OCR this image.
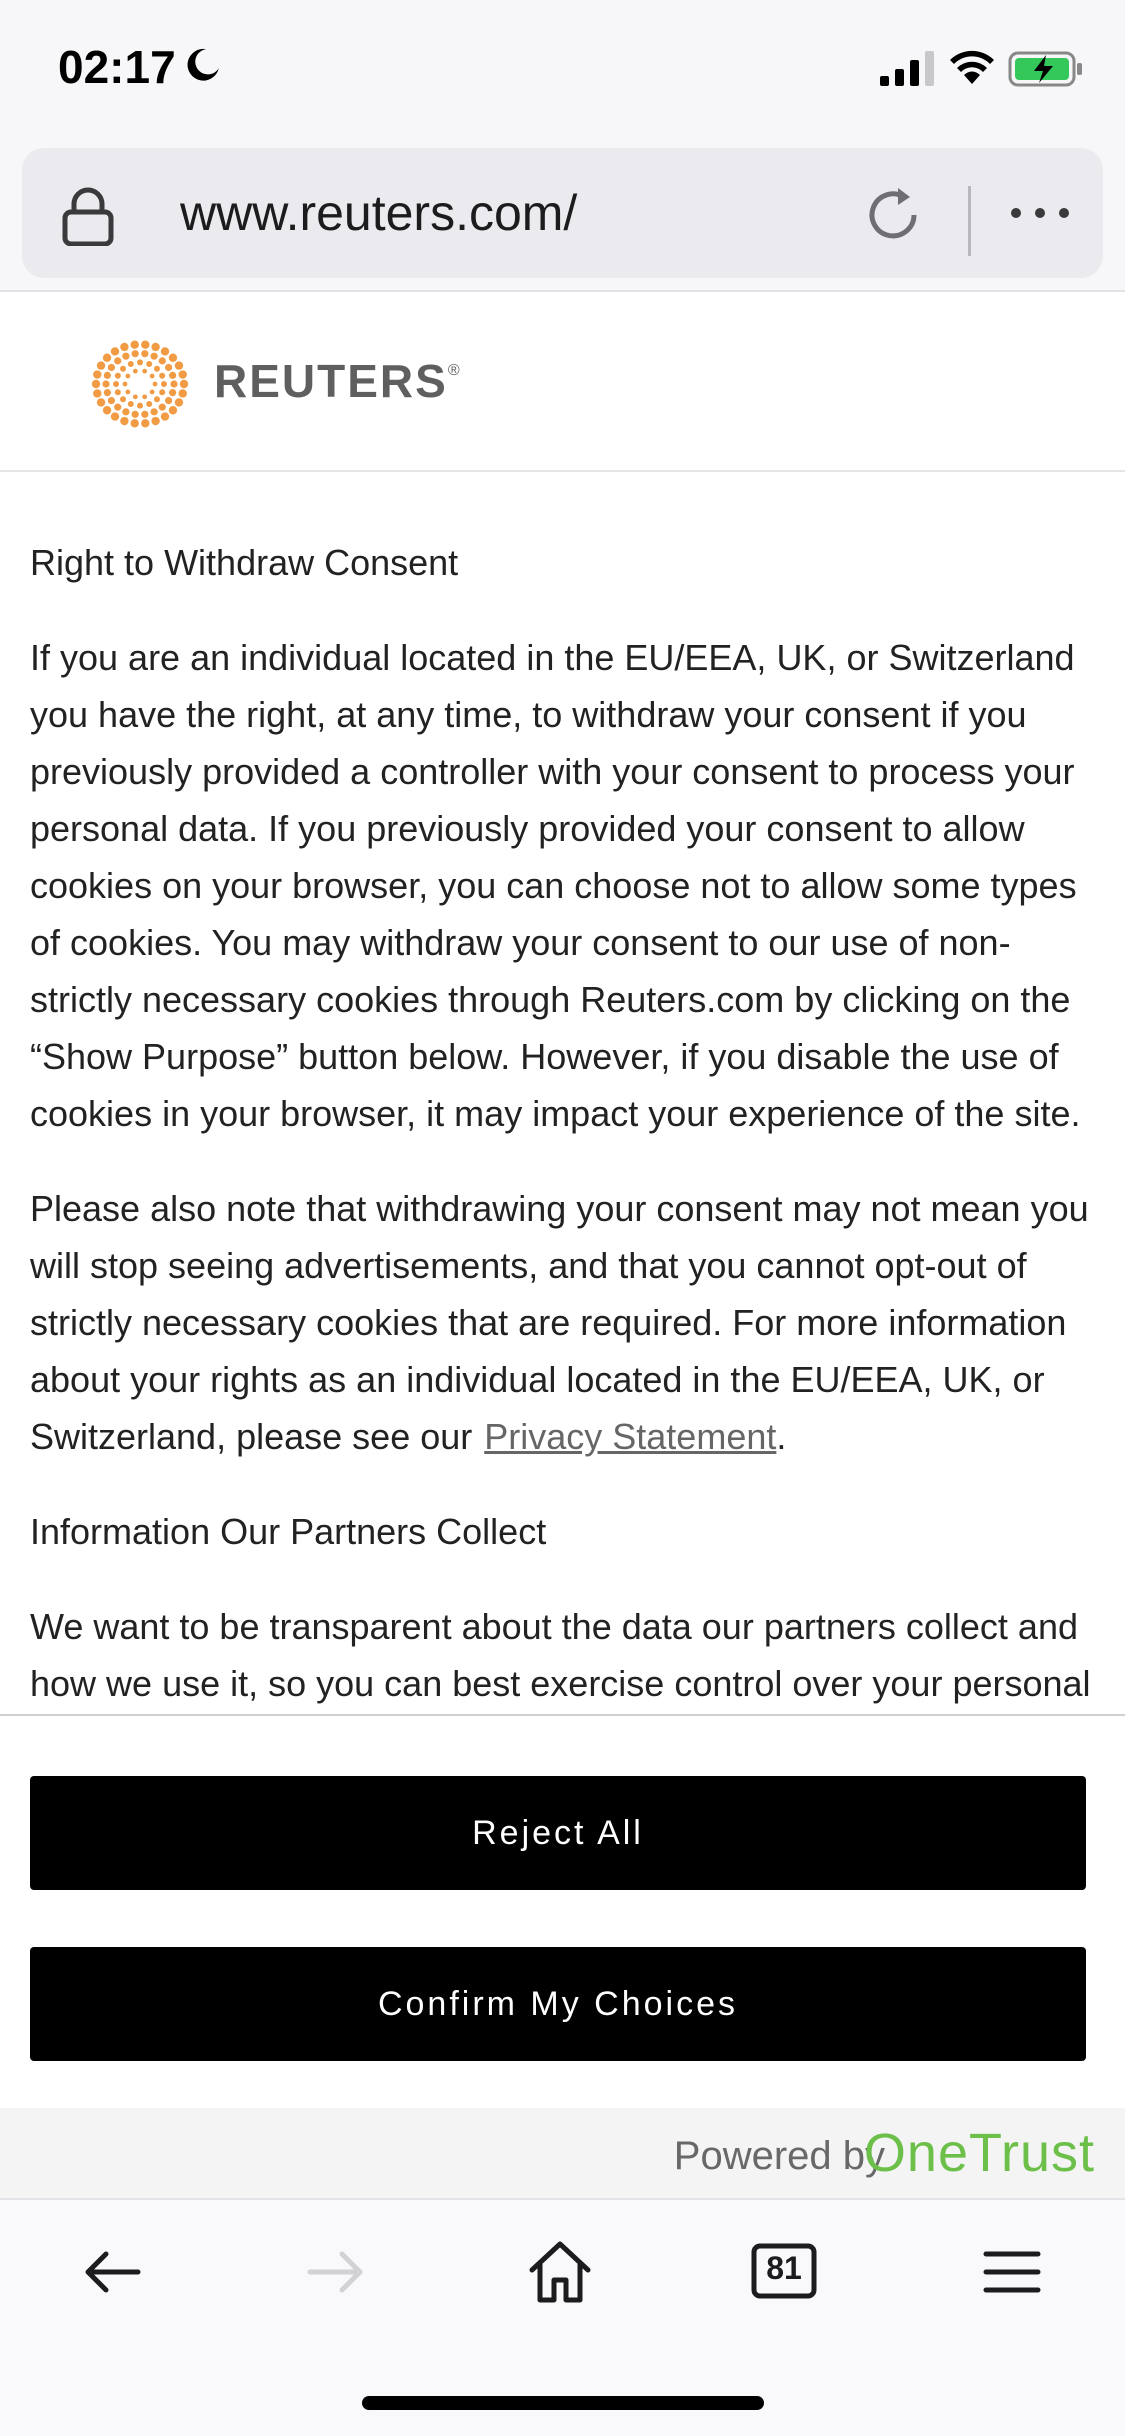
02:17
www.reuters.com/
REUTERS®
Right to Withdraw Consent

If you are an individual located in the EU/EEA, UK, or Switzerland you have the right, at any time, to withdraw your consent if you previously provided a controller with your consent to process your personal data. If you previously provided your consent to allow cookies on your browser, you can choose not to allow some types of cookies. You may withdraw your consent to our use of non-strictly necessary cookies through Reuters.com by clicking on the “Show Purpose” button below. However, if you disable the use of cookies in your browser, it may impact your experience of the site.

Please also note that withdrawing your consent may not mean you will stop seeing advertisements, and that you cannot opt-out of strictly necessary cookies that are required. For more information about your rights as an individual located in the EU/EEA, UK, or Switzerland, please see our Privacy Statement.

Information Our Partners Collect

We want to be transparent about the data our partners collect and how we use it, so you can best exercise control over your personal

Reject All
Confirm My Choices
Powered by
OneTrust
81
